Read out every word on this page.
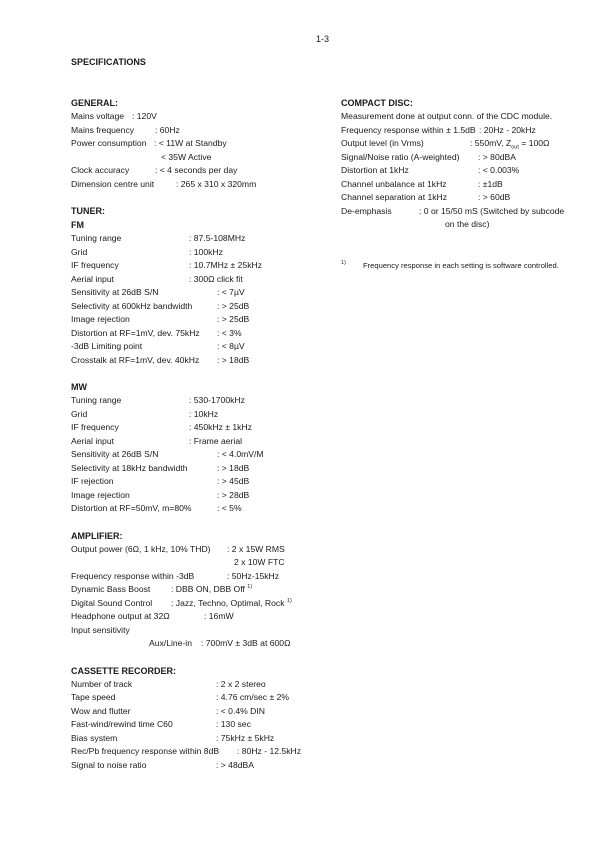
1-3
SPECIFICATIONS
GENERAL:
Mains voltage : 120V
Mains frequency : 60Hz
Power consumption : < 11W at Standby
< 35W Active
Clock accuracy	: < 4 seconds per day
Dimension centre unit	: 265 x 310 x 320mm
TUNER:
FM
Tuning range	: 87.5-108MHz
Grid	: 100kHz
IF frequency	: 10.7MHz ± 25kHz
Aerial input	: 300Ω click fit
Sensitivity at 26dB S/N	: < 7µV
Selectivity at 600kHz bandwidth	: > 25dB
Image rejection	: > 25dB
Distortion at RF=1mV, dev. 75kHz : < 3%
-3dB Limiting point	: < 8µV
Crosstalk at RF=1mV, dev. 40kHz : > 18dB
MW
Tuning range	: 530-1700kHz
Grid	: 10kHz
IF frequency	: 450kHz ± 1kHz
Aerial input	: Frame aerial
Sensitivity at 26dB S/N	: < 4.0mV/M
Selectivity at 18kHz bandwidth	: > 18dB
IF rejection	: > 45dB
Image rejection	: > 28dB
Distortion at RF=50mV, m=80%	: < 5%
AMPLIFIER:
Output power (6Ω, 1 kHz, 10% THD) : 2 x 15W RMS
2 x 10W FTC
Frequency response within -3dB	: 50Hz-15kHz
Dynamic Bass Boost : DBB ON, DBB Off $^{1)}$
Digital Sound Control : Jazz, Techno, Optimal, Rock $^{1)}$
Headphone output at 32Ω	: 16mW
Input sensitivity
Aux/Line-in : 700mV ± 3dB at 600Ω
CASSETTE RECORDER:
Number of track	: 2 x 2 stereo
Tape speed	: 4.76 cm/sec ± 2%
Wow and flutter	: < 0.4% DIN
Fast-wind/rewind time C60	: 130 sec
Bias system	: 75kHz ± 5kHz
Rec/Pb frequency response within 8dB : 80Hz - 12.5kHz
Signal to noise ratio	: > 48dBA
COMPACT DISC:
Measurement done at output conn. of the CDC module.
Frequency response within ± 1.5dB : 20Hz - 20kHz
Output level (in Vrms)	: 550mV, $Z_{out} = 100\Omega$
Signal/Noise ratio (A-weighted) : > 80dBA
Distortion at 1kHz	: < 0.003%
Channel unbalance at 1kHz	: ±1dB
Channel separation at 1kHz	: > 60dB
De-emphasis	: 0 or 15/50 mS (Switched by subcode
on the disc)
1) Frequency response in each setting is software controlled.
